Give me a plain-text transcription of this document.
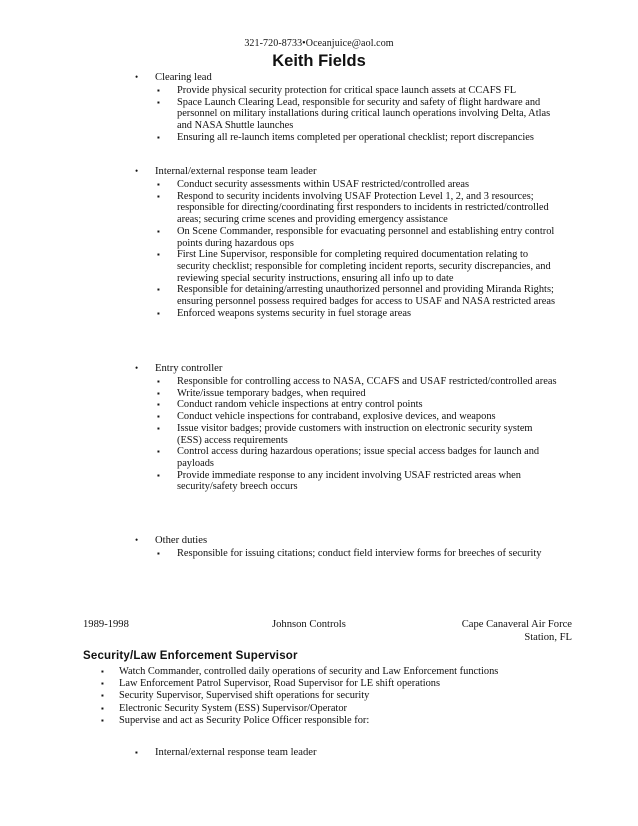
321-720-8733•Oceanjuice@aol.com
Keith Fields
• Clearing lead
▪ Provide physical security protection for critical space launch assets at CCAFS FL
▪ Space Launch Clearing Lead, responsible for security and safety of flight hardware and personnel on military installations during critical launch operations involving Delta, Atlas and NASA Shuttle launches
▪ Ensuring all re-launch items completed per operational checklist; report discrepancies
• Internal/external response team leader
▪ Conduct security assessments within USAF restricted/controlled areas
▪ Respond to security incidents involving USAF Protection Level 1, 2, and 3 resources; responsible for directing/coordinating first responders to incidents in restricted/controlled areas; securing crime scenes and providing emergency assistance
▪ On Scene Commander, responsible for evacuating personnel and establishing entry control points during hazardous ops
▪ First Line Supervisor, responsible for completing required documentation relating to security checklist; responsible for completing incident reports, security discrepancies, and reviewing special security instructions, ensuring all info up to date
▪ Responsible for detaining/arresting unauthorized personnel and providing Miranda Rights; ensuring personnel possess required badges for access to USAF and NASA restricted areas
▪ Enforced weapons systems security in fuel storage areas
• Entry controller
▪ Responsible for controlling access to NASA, CCAFS and USAF restricted/controlled areas
▪ Write/issue temporary badges, when required
▪ Conduct random vehicle inspections at entry control points
▪ Conduct vehicle inspections for contraband, explosive devices, and weapons
▪ Issue visitor badges; provide customers with instruction on electronic security system (ESS) access requirements
▪ Control access during hazardous operations; issue special access badges for launch and payloads
▪ Provide immediate response to any incident involving USAF restricted areas when security/safety breech occurs
• Other duties
▪ Responsible for issuing citations; conduct field interview forms for breeches of security
1989-1998	Johnson Controls	Cape Canaveral Air Force
Station, FL
Security/Law Enforcement Supervisor
▪ Watch Commander, controlled daily operations of security and Law Enforcement functions
▪ Law Enforcement Patrol Supervisor, Road Supervisor for LE shift operations
▪ Security Supervisor, Supervised shift operations for security
▪ Electronic Security System (ESS) Supervisor/Operator
▪ Supervise and act as Security Police Officer responsible for:
▪ Internal/external response team leader
